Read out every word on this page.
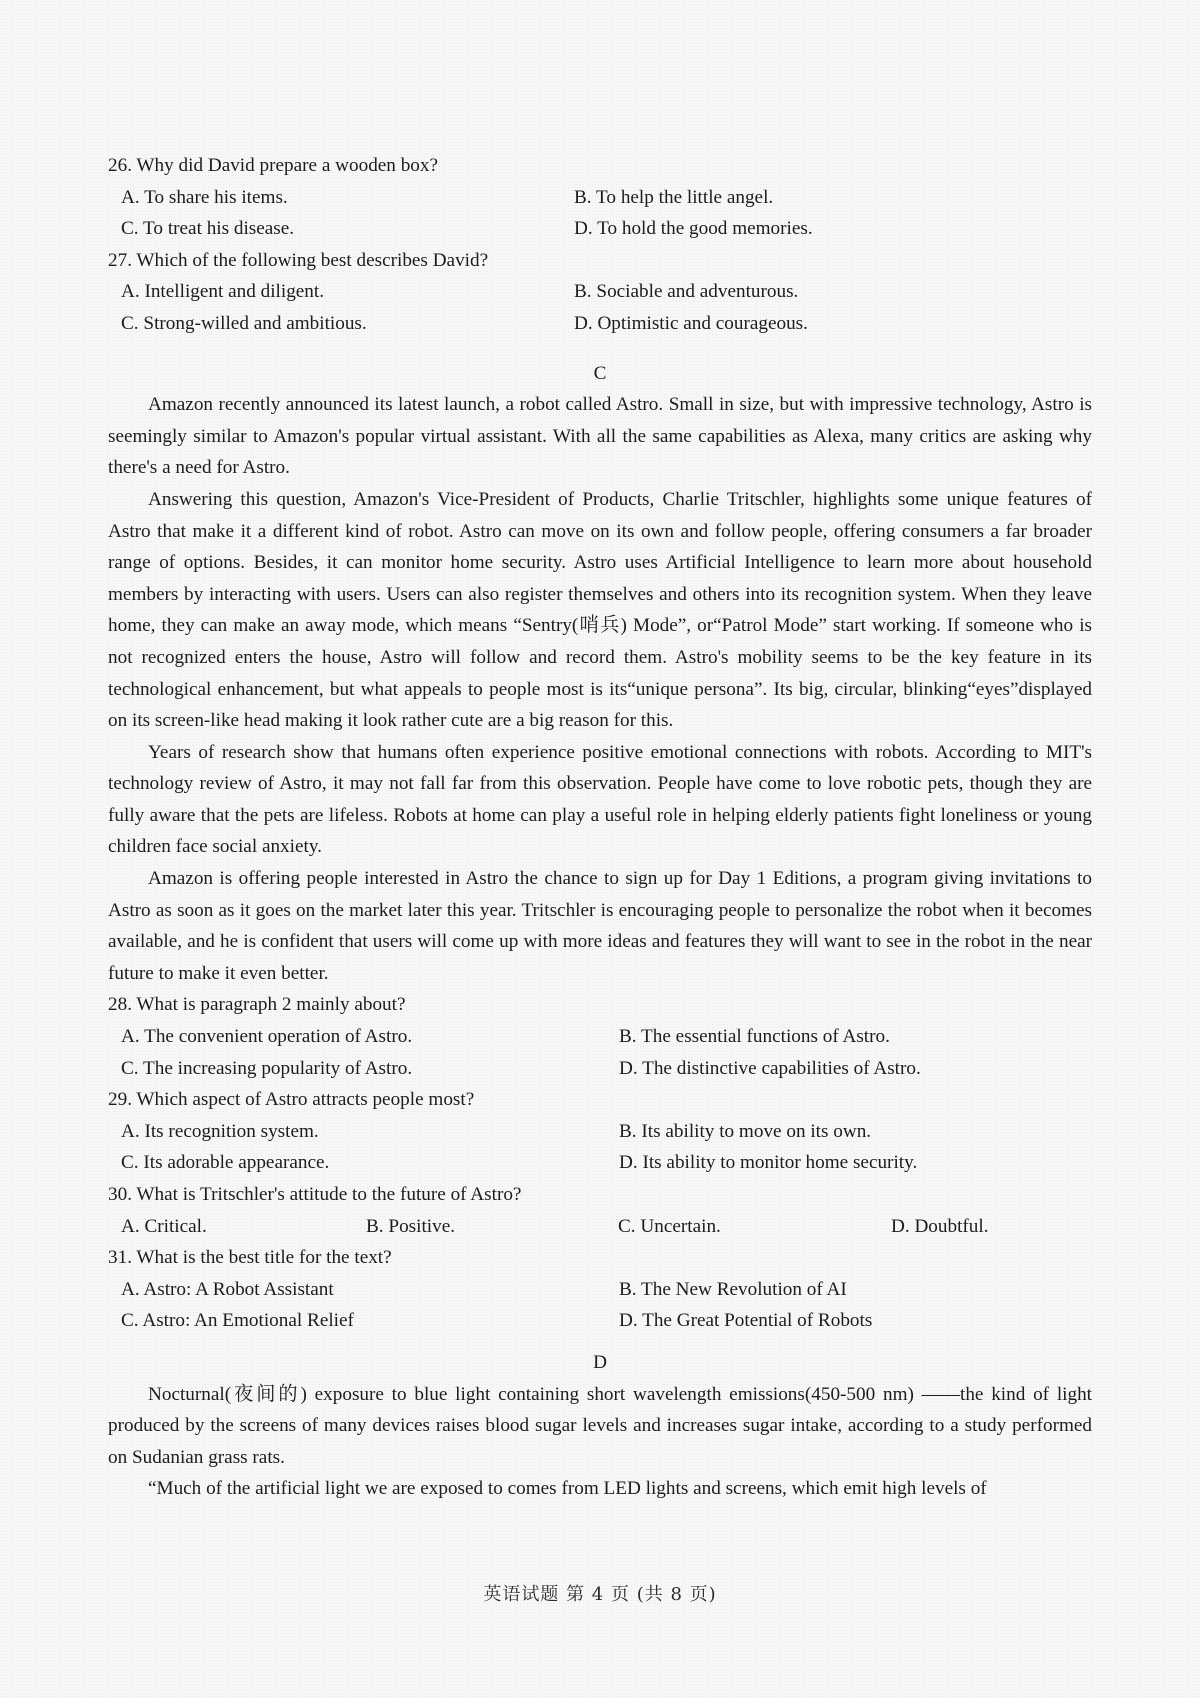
26. Why did David prepare a wooden box?
A. To share his items.	B. To help the little angel.
C. To treat his disease.	D. To hold the good memories.
27. Which of the following best describes David?
A. Intelligent and diligent.	B. Sociable and adventurous.
C. Strong-willed and ambitious.	D. Optimistic and courageous.
C

Amazon recently announced its latest launch, a robot called Astro. Small in size, but with impressive technology, Astro is seemingly similar to Amazon's popular virtual assistant. With all the same capabilities as Alexa, many critics are asking why there's a need for Astro.

Answering this question, Amazon's Vice-President of Products, Charlie Tritschler, highlights some unique features of Astro that make it a different kind of robot. Astro can move on its own and follow people, offering consumers a far broader range of options. Besides, it can monitor home security. Astro uses Artificial Intelligence to learn more about household members by interacting with users. Users can also register themselves and others into its recognition system. When they leave home, they can make an away mode, which means “Sentry(哨兵) Mode”, or“Patrol Mode” start working. If someone who is not recognized enters the house, Astro will follow and record them. Astro's mobility seems to be the key feature in its technological enhancement, but what appeals to people most is its“unique persona”. Its big, circular, blinking“eyes”displayed on its screen-like head making it look rather cute are a big reason for this.

Years of research show that humans often experience positive emotional connections with robots. According to MIT's technology review of Astro, it may not fall far from this observation. People have come to love robotic pets, though they are fully aware that the pets are lifeless. Robots at home can play a useful role in helping elderly patients fight loneliness or young children face social anxiety.

Amazon is offering people interested in Astro the chance to sign up for Day 1 Editions, a program giving invitations to Astro as soon as it goes on the market later this year. Tritschler is encouraging people to personalize the robot when it becomes available, and he is confident that users will come up with more ideas and features they will want to see in the robot in the near future to make it even better.

28. What is paragraph 2 mainly about?
A. The convenient operation of Astro.	B. The essential functions of Astro.
C. The increasing popularity of Astro.	D. The distinctive capabilities of Astro.
29. Which aspect of Astro attracts people most?
A. Its recognition system.	B. Its ability to move on its own.
C. Its adorable appearance.	D. Its ability to monitor home security.
30. What is Tritschler's attitude to the future of Astro?
A. Critical.	B. Positive.	C. Uncertain.	D. Doubtful.
31. What is the best title for the text?
A. Astro: A Robot Assistant	B. The New Revolution of AI
C. Astro: An Emotional Relief	D. The Great Potential of Robots
D

Nocturnal(夜间的) exposure to blue light containing short wavelength emissions(450-500 nm) ——the kind of light produced by the screens of many devices raises blood sugar levels and increases sugar intake, according to a study performed on Sudanian grass rats.

“Much of the artificial light we are exposed to comes from LED lights and screens, which emit high levels of

英语试题 第 4 页 (共 8 页)
